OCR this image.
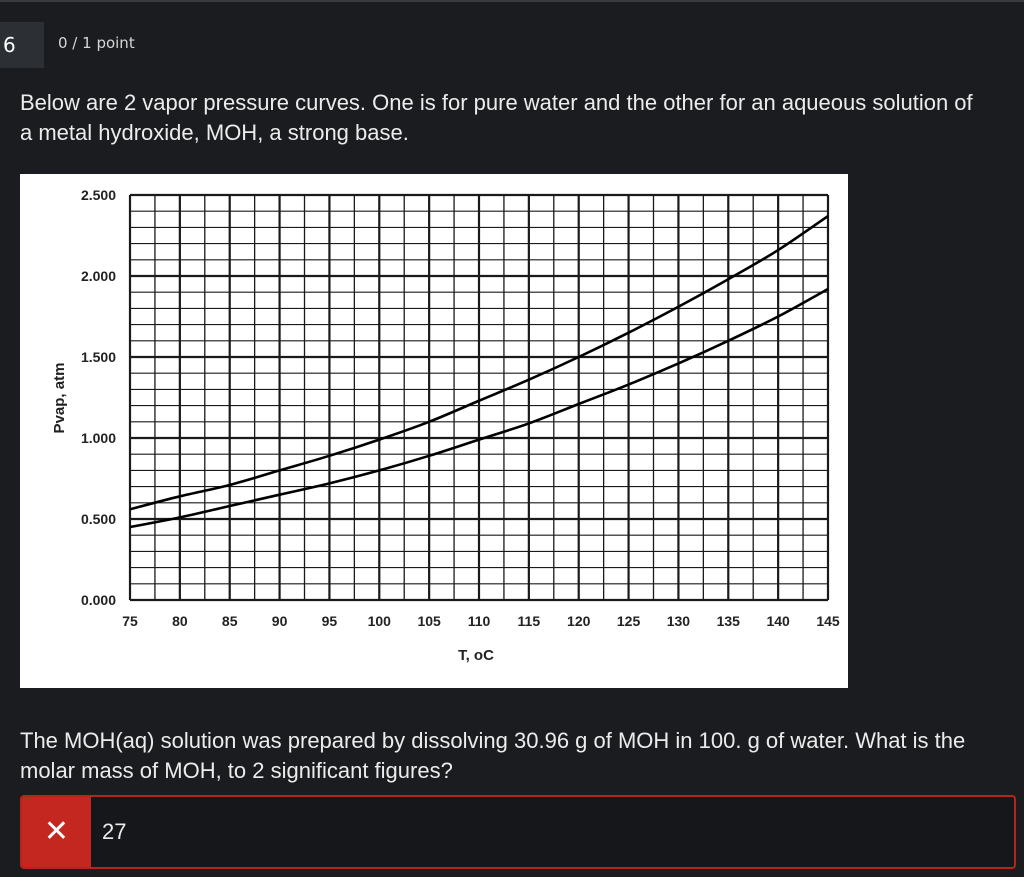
6	0 / 1 point

Below are 2 vapor pressure curves. One is for pure water and the other for an aqueous solution of a metal hydroxide, MOH, a strong base.

75 80 85 90 95 100 105 110 115 120 125 130 135 140 145
0.000
0.500
1.000
1.500
2.000
2.500
T, oC
Pvap, atm

The MOH(aq) solution was prepared by dissolving 30.96 g of MOH in 100. g of water. What is the molar mass of MOH, to 2 significant figures?

✕	27
